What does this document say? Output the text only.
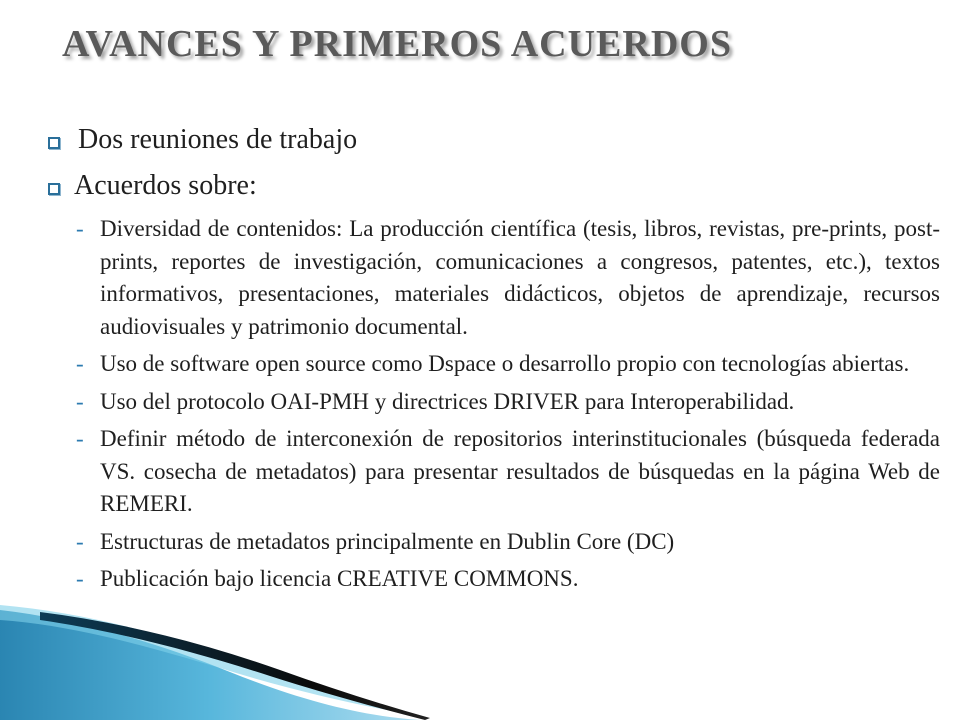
AVANCES Y PRIMEROS ACUERDOS
Dos reuniones de trabajo
Acuerdos sobre:
- Diversidad de contenidos: La producción científica (tesis, libros, revistas, pre-prints, post-prints, reportes de investigación, comunicaciones a congresos, patentes, etc.), textos informativos, presentaciones, materiales didácticos, objetos de aprendizaje, recursos audiovisuales y patrimonio documental.
- Uso de software open source como Dspace o desarrollo propio con tecnologías abiertas.
- Uso del protocolo OAI-PMH y directrices DRIVER para Interoperabilidad.
- Definir método de interconexión de repositorios interinstitucionales (búsqueda federada VS. cosecha de metadatos) para presentar resultados de búsquedas en la página Web de REMERI.
- Estructuras de metadatos principalmente en Dublin Core (DC)
- Publicación bajo licencia CREATIVE COMMONS.
